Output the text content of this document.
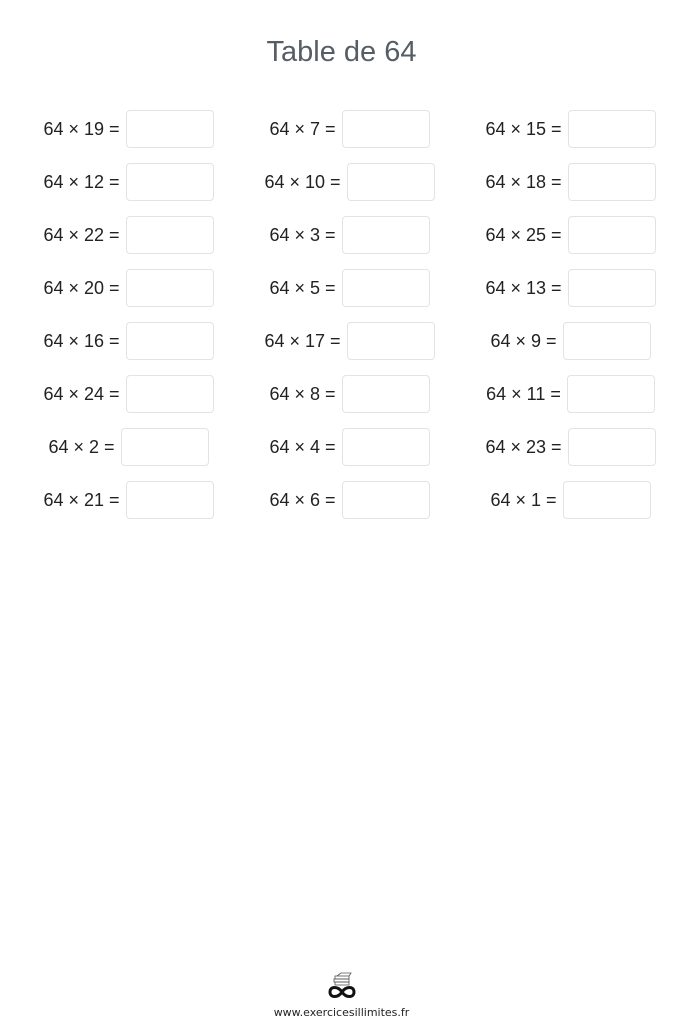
Table de 64
64 × 19 =	64 × 7 =	64 × 15 =
64 × 12 =	64 × 10 =	64 × 18 =
64 × 22 =	64 × 3 =	64 × 25 =
64 × 20 =	64 × 5 =	64 × 13 =
64 × 16 =	64 × 17 =	64 × 9 =
64 × 24 =	64 × 8 =	64 × 11 =
64 × 2 =	64 × 4 =	64 × 23 =
64 × 21 =	64 × 6 =	64 × 1 =
www.exercicesillimites.fr
